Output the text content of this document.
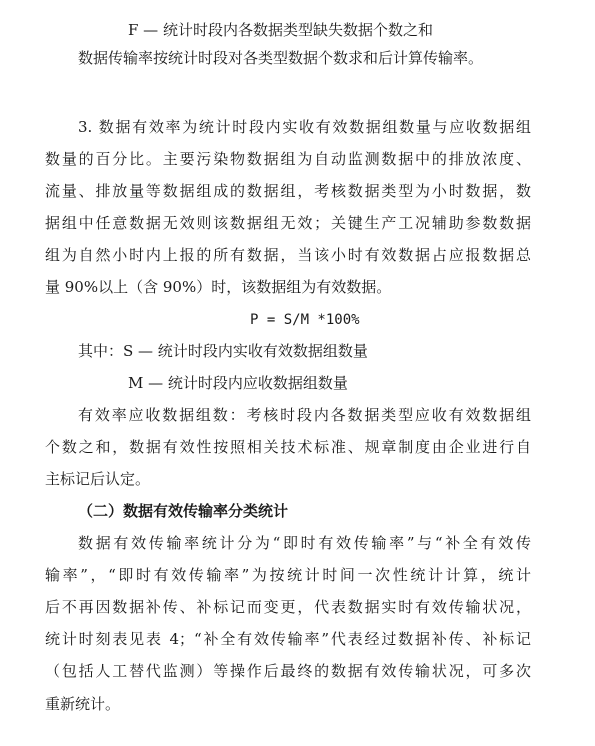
F — 统计时段内各数据类型缺失数据个数之和
数据传输率按统计时段对各类型数据个数求和后计算传输率。
3. 数据有效率为统计时段内实收有效数据组数量与应收数据组
数量的百分比。主要污染物数据组为自动监测数据中的排放浓度、
流量、排放量等数据组成的数据组，考核数据类型为小时数据，数
据组中任意数据无效则该数据组无效；关键生产工况辅助参数数据
组为自然小时内上报的所有数据，当该小时有效数据占应报数据总
量 90%以上（含 90%）时，该数据组为有效数据。
P = S/M *100%
其中：S — 统计时段内实收有效数据组数量
M — 统计时段内应收数据组数量
有效率应收数据组数：考核时段内各数据类型应收有效数据组
个数之和，数据有效性按照相关技术标准、规章制度由企业进行自
主标记后认定。
（二）数据有效传输率分类统计
数据有效传输率统计分为“即时有效传输率”与“补全有效传
输率”，“即时有效传输率”为按统计时间一次性统计计算，统计
后不再因数据补传、补标记而变更，代表数据实时有效传输状况，
统计时刻表见表 4；“补全有效传输率”代表经过数据补传、补标记
（包括人工替代监测）等操作后最终的数据有效传输状况，可多次
重新统计。
